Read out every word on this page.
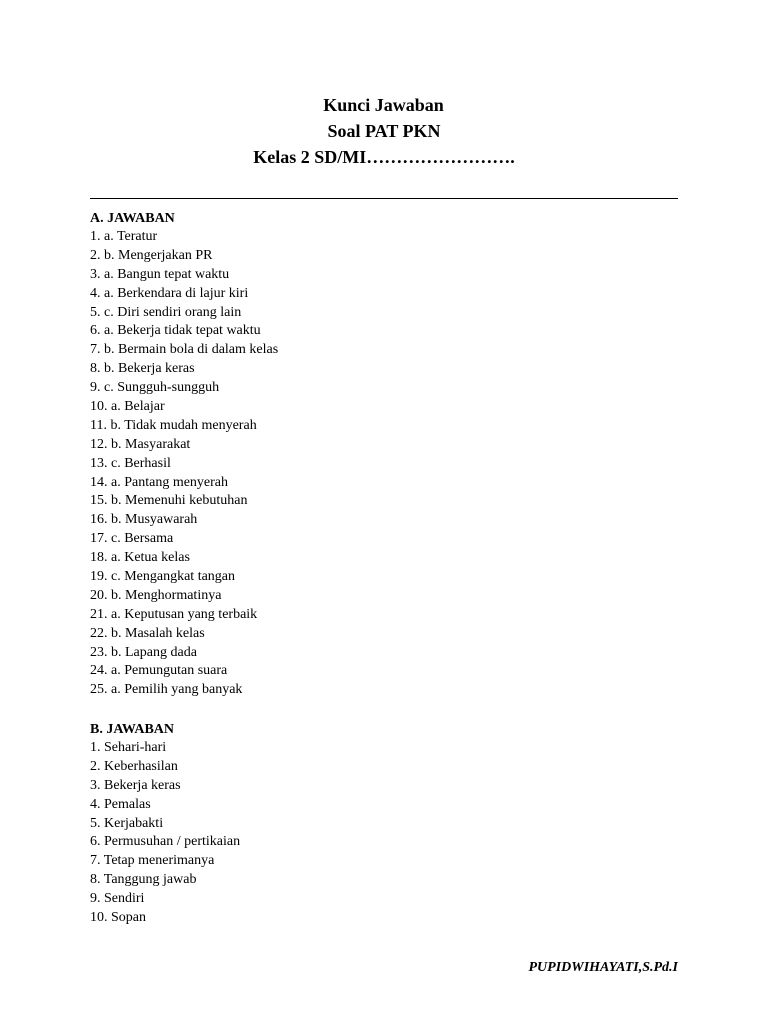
Kunci Jawaban
Soal PAT PKN
Kelas 2 SD/MI…………………….
A. JAWABAN
1. a. Teratur
2. b. Mengerjakan PR
3. a. Bangun tepat waktu
4. a. Berkendara di lajur kiri
5. c. Diri sendiri orang lain
6. a. Bekerja tidak tepat waktu
7. b. Bermain bola di dalam kelas
8. b. Bekerja keras
9. c. Sungguh-sungguh
10. a. Belajar
11. b. Tidak mudah menyerah
12. b. Masyarakat
13. c. Berhasil
14. a. Pantang menyerah
15. b. Memenuhi kebutuhan
16. b. Musyawarah
17. c. Bersama
18. a. Ketua kelas
19. c. Mengangkat tangan
20. b. Menghormatinya
21. a. Keputusan yang terbaik
22. b. Masalah kelas
23. b. Lapang dada
24. a. Pemungutan suara
25. a. Pemilih yang banyak
B. JAWABAN
1. Sehari-hari
2. Keberhasilan
3. Bekerja keras
4. Pemalas
5. Kerjabakti
6. Permusuhan / pertikaian
7. Tetap menerimanya
8. Tanggung jawab
9. Sendiri
10. Sopan
PUPIDWIHAYATI,S.Pd.I
